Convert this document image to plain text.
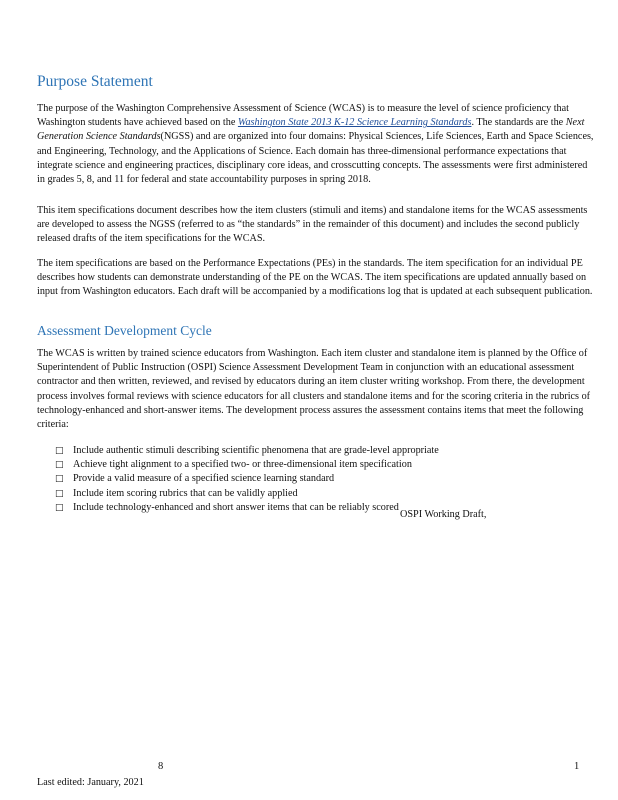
Purpose Statement

The purpose of the Washington Comprehensive Assessment of Science (WCAS) is to measure the level of science proficiency that Washington students have achieved based on the Washington State 2013 K-12 Science Learning Standards. The standards are the Next Generation Science Standards(NGSS) and are organized into four domains: Physical Sciences, Life Sciences, Earth and Space Sciences, and Engineering, Technology, and the Applications of Science. Each domain has three-dimensional performance expectations that integrate science and engineering practices, disciplinary core ideas, and crosscutting concepts. The assessments were first administered in grades 5, 8, and 11 for federal and state accountability purposes in spring 2018.

This item specifications document describes how the item clusters (stimuli and items) and standalone items for the WCAS assessments are developed to assess the NGSS (referred to as “the standards” in the remainder of this document) and includes the second publicly released drafts of the item specifications for the WCAS.

The item specifications are based on the Performance Expectations (PEs) in the standards. The item specification for an individual PE describes how students can demonstrate understanding of the PE on the WCAS. The item specifications are updated annually based on input from Washington educators. Each draft will be accompanied by a modifications log that is updated at each subsequent publication.

Assessment Development Cycle

The WCAS is written by trained science educators from Washington. Each item cluster and standalone item is planned by the Office of Superintendent of Public Instruction (OSPI) Science Assessment Development Team in conjunction with an educational assessment contractor and then written, reviewed, and revised by educators during an item cluster writing workshop. From there, the development process involves formal reviews with science educators for all clusters and standalone items and for the scoring criteria in the rubrics of technology-enhanced and short-answer items. The development process assures the assessment contains items that meet the following criteria:

□ Include authentic stimuli describing scientific phenomena that are grade-level appropriate
□ Achieve tight alignment to a specified two- or three-dimensional item specification
□ Provide a valid measure of a specified science learning standard
□ Include item scoring rubrics that can be validly applied
□ Include technology-enhanced and short answer items that can be reliably scored
OSPI Working Draft,
8	1
Last edited: January, 2021
